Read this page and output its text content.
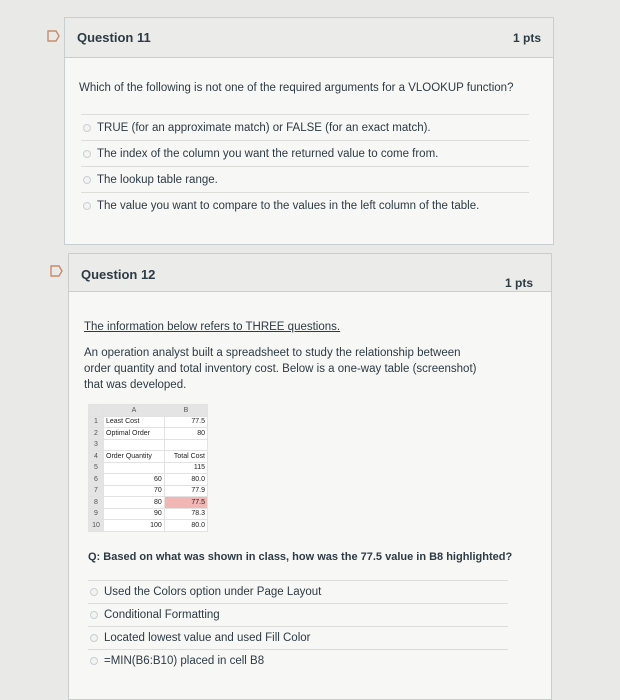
Question 11	1 pts
Which of the following is not one of the required arguments for a VLOOKUP function?
TRUE (for an approximate match) or FALSE (for an exact match).
The index of the column you want the returned value to come from.
The lookup table range.
The value you want to compare to the values in the left column of the table.
Question 12
1 pts
The information below refers to THREE questions.
An operation analyst built a spreadsheet to study the relationship between order quantity and total inventory cost. Below is a one-way table (screenshot) that was developed.
	A	B
1	Least Cost	77.5
2	Optimal Order	80
3		
4	Order Quantity	Total Cost
5		115
6	60	80.0
7	70	77.9
8	80	77.5
9	90	78.3
10	100	80.0
Q: Based on what was shown in class, how was the 77.5 value in B8 highlighted?
Used the Colors option under Page Layout
Conditional Formatting
Located lowest value and used Fill Color
=MIN(B6:B10) placed in cell B8
